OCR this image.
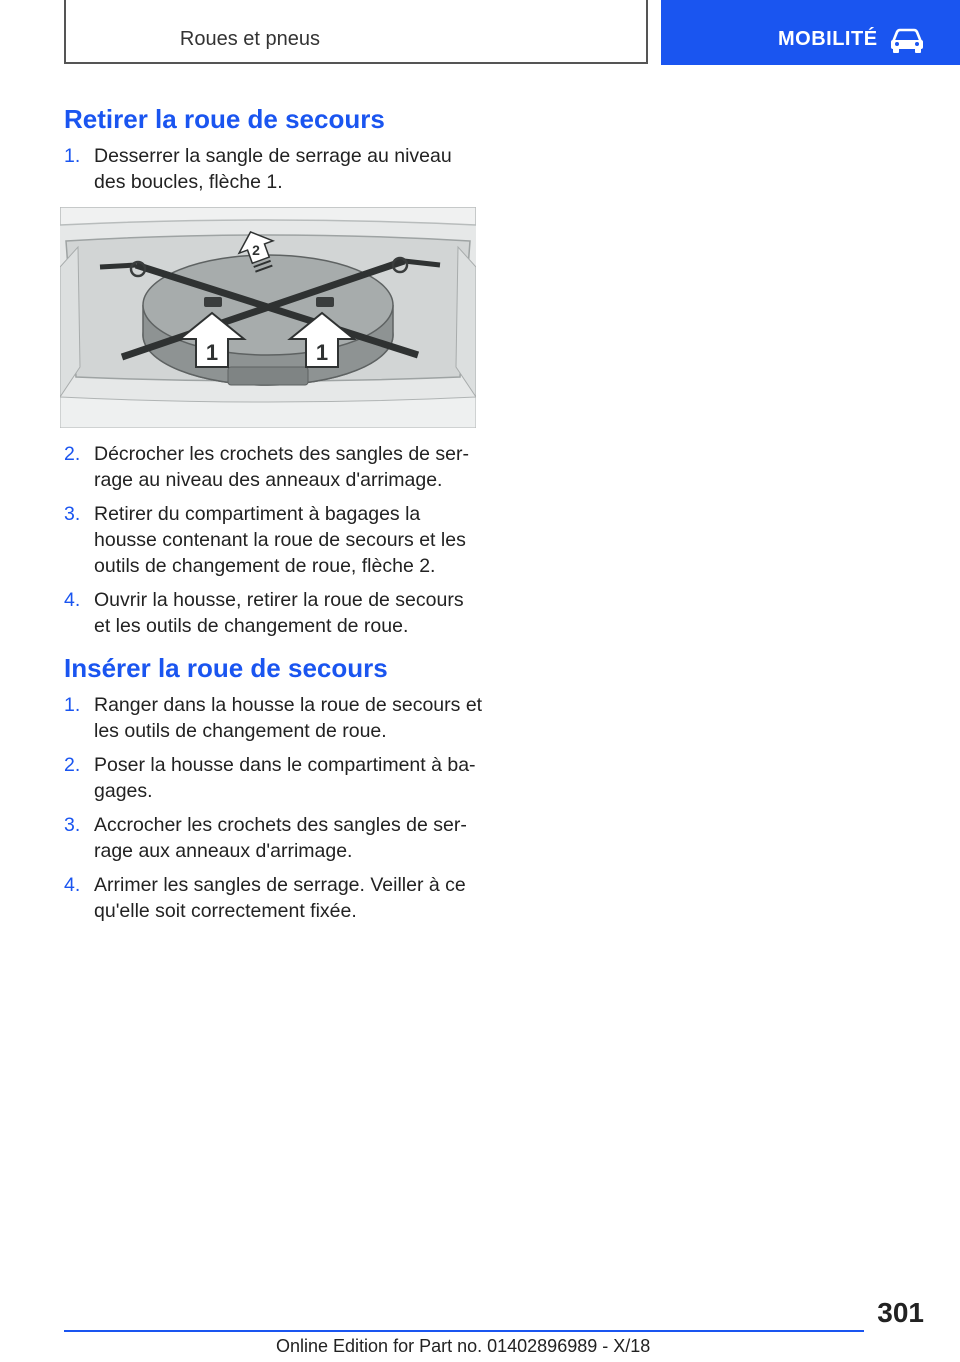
Roues et pneus	MOBILITÉ
Retirer la roue de secours
1. Desserrer la sangle de serrage au niveau des boucles, flèche 1.
2
1	1
2. Décrocher les crochets des sangles de ser- rage au niveau des anneaux d'arrimage.
3. Retirer du compartiment à bagages la housse contenant la roue de secours et les outils de changement de roue, flèche 2.
4. Ouvrir la housse, retirer la roue de secours et les outils de changement de roue.
Insérer la roue de secours
1. Ranger dans la housse la roue de secours et les outils de changement de roue.
2. Poser la housse dans le compartiment à ba- gages.
3. Accrocher les crochets des sangles de ser- rage aux anneaux d'arrimage.
4. Arrimer les sangles de serrage. Veiller à ce qu'elle soit correctement fixée.
301
Online Edition for Part no. 01402896989 - X/18
